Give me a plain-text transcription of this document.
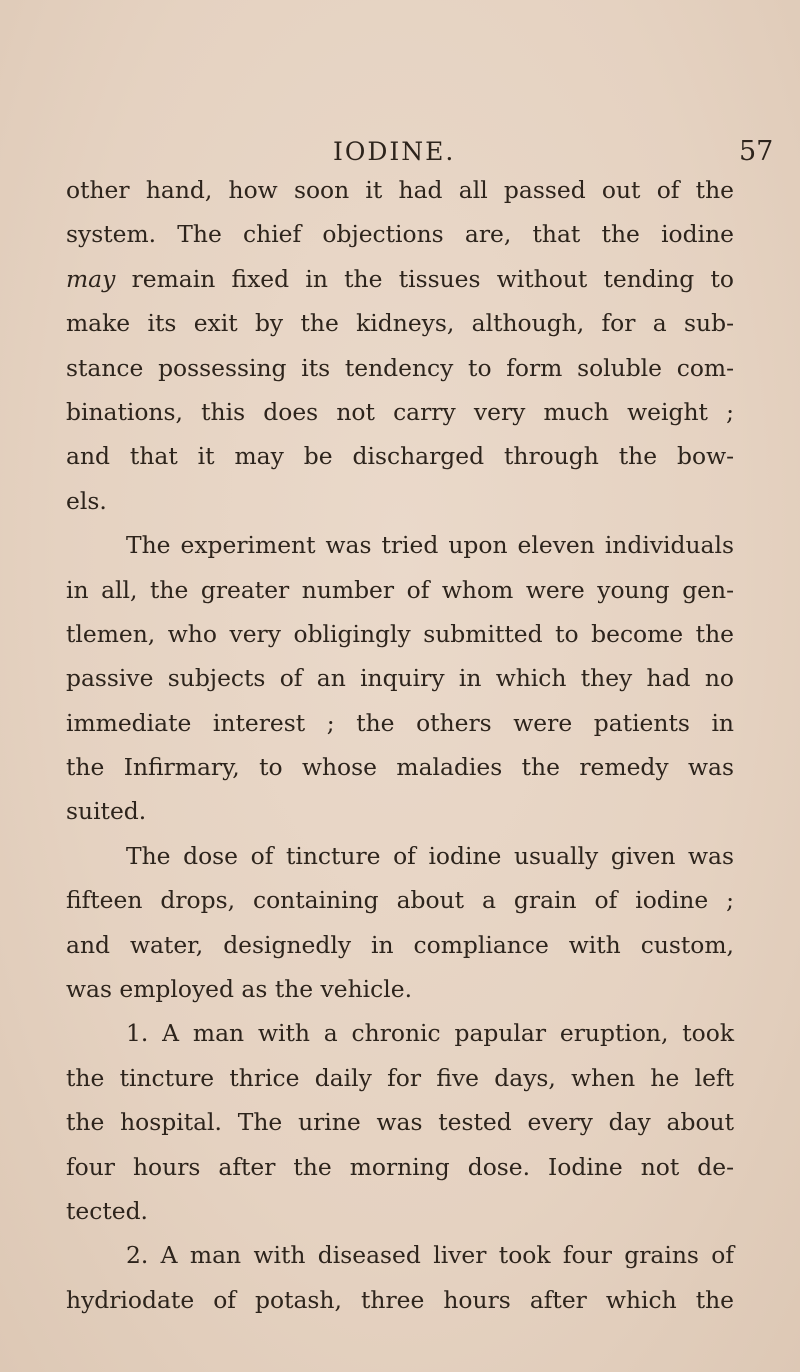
IODINE.	57
other hand, how soon it had all passed out of the
system. The chief objections are, that the iodine
may remain fixed in the tissues without tending to
make its exit by the kidneys, although, for a sub-
stance possessing its tendency to form soluble com-
binations, this does not carry very much weight ;
and that it may be discharged through the bow-
els.
The experiment was tried upon eleven individuals
in all, the greater number of whom were young gen-
tlemen, who very obligingly submitted to become the
passive subjects of an inquiry in which they had no
immediate interest ; the others were patients in
the Infirmary, to whose maladies the remedy was
suited.
The dose of tincture of iodine usually given was
fifteen drops, containing about a grain of iodine ;
and water, designedly in compliance with custom,
was employed as the vehicle.
1. A man with a chronic papular eruption, took
the tincture thrice daily for five days, when he left
the hospital. The urine was tested every day about
four hours after the morning dose. Iodine not de-
tected.
2. A man with diseased liver took four grains of
hydriodate of potash, three hours after which the
